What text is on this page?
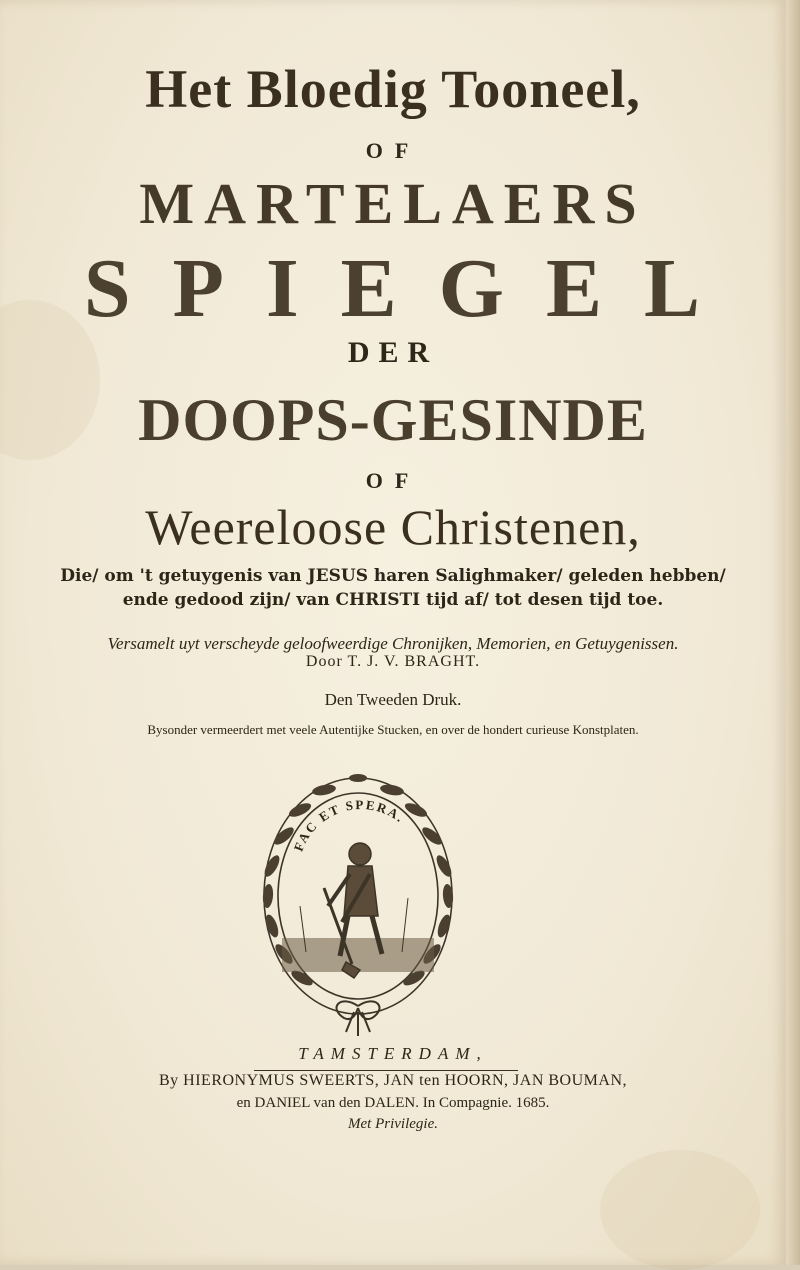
Het Bloedig Tooneel,
OF
MARTELAERS
SPIEGEL
DER
DOOPS-GESINDE
OF
Weereloose Christenen,
Die/ om 't getuygenis van JESUS haren Salighmaker/ geleden hebben/
ende gedood zijn/ van CHRISTI tijd af/ tot desen tijd toe.
Versamelt uyt verscheyde geloofweerdige Chronijken, Memorien, en Getuygenissen.
Door T. J. V. BRAGHT.
Den Tweeden Druk.
Bysonder vermeerdert met veele Autentijke Stucken, en over de hondert curieuse Konstplaten.
FAC ET SPERA.
TAMSTERDAM,
By HIERONYMUS SWEERTS, JAN ten HOORN, JAN BOUMAN,
en DANIEL van den DALEN. In Compagnie. 1685.
Met Privilegie.
